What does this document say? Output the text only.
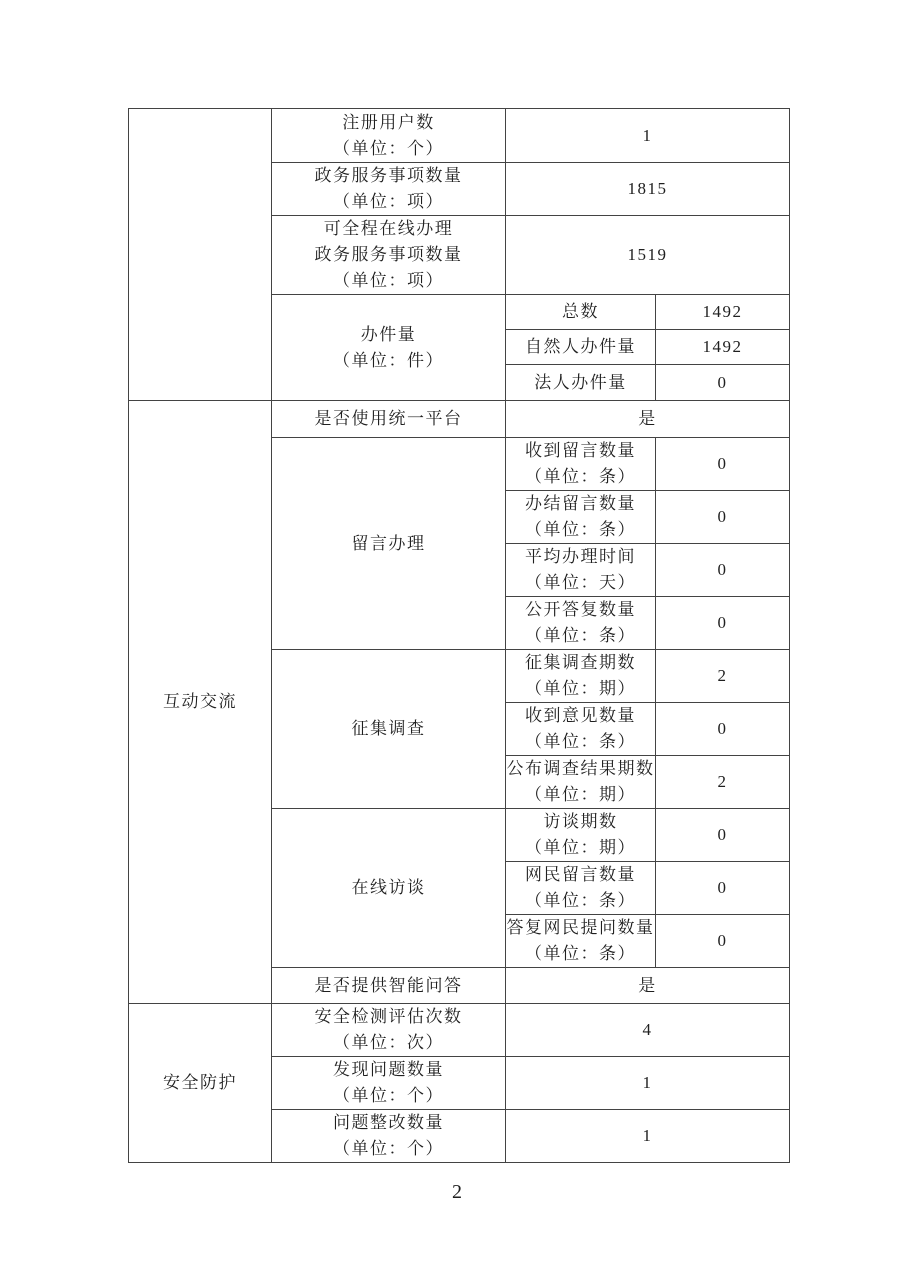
	注册用户数
（单位：个）	1	

	政务服务事项数量
（单位：项）	1815	

	可全程在线办理
政务服务事项数量
（单位：项）	1519	

	办件量
（单位：件）	总数	1492
		自然人办件量	1492
		法人办件量	0
互动交流	是否使用统一平台	是	
	留言办理	收到留言数量
（单位：条）	0

		办结留言数量
（单位：条）	0

		平均办理时间
（单位：天）	0

		公开答复数量
（单位：条）	0
	征集调查	征集调查期数
（单位：期）	2

		收到意见数量
（单位：条）	0

		公布调查结果期数
（单位：期）	2
	在线访谈	访谈期数
（单位：期）	0

		网民留言数量
（单位：条）	0

		答复网民提问数量
（单位：条）	0
	是否提供智能问答	是	
安全防护	安全检测评估次数
（单位：次）	4	

	发现问题数量
（单位：个）	1	

	问题整改数量
（单位：个）	1	
2
